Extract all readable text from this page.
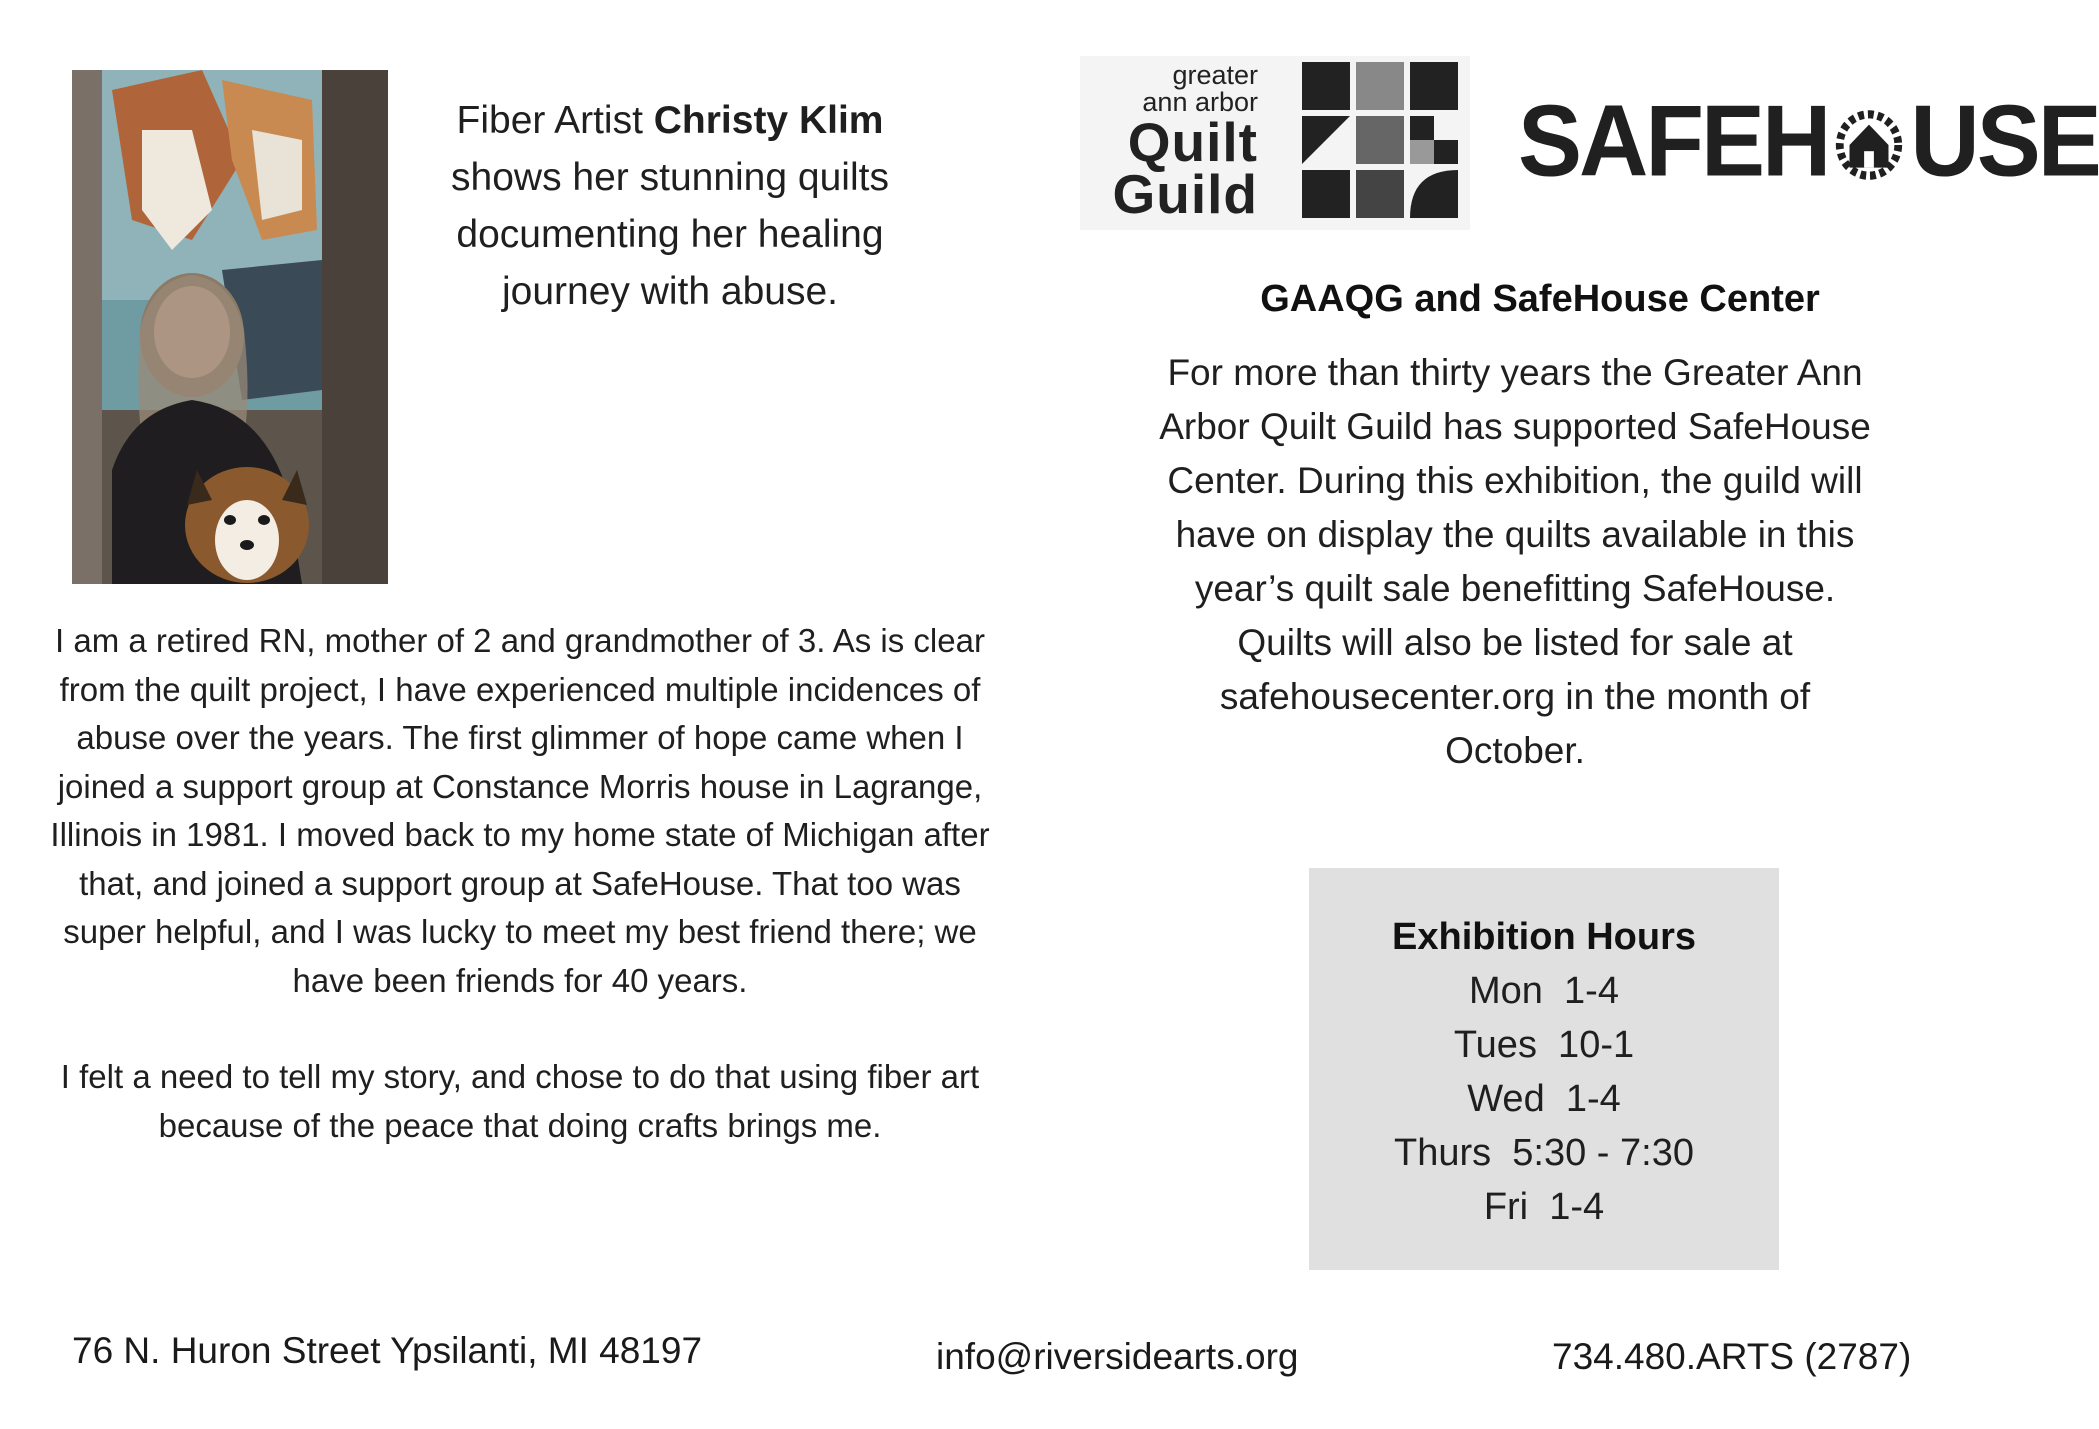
Fiber Artist Christy Klim shows her stunning quilts documenting her healing journey with abuse.

I am a retired RN, mother of 2 and grandmother of 3. As is clear from the quilt project, I have experienced multiple incidences of abuse over the years. The first glimmer of hope came when I joined a support group at Constance Morris house in Lagrange, Illinois in 1981. I moved back to my home state of Michigan after that, and joined a support group at SafeHouse. That too was super helpful, and I was lucky to meet my best friend there; we have been friends for 40 years.

I felt a need to tell my story, and chose to do that using fiber art because of the peace that doing crafts brings me.

greater
ann arbor
Quilt
Guild	SAFEH USE
GAAQG and SafeHouse Center
For more than thirty years the Greater Ann Arbor Quilt Guild has supported SafeHouse Center. During this exhibition, the guild will have on display the quilts available in this year’s quilt sale benefitting SafeHouse. Quilts will also be listed for sale at safehousecenter.org in the month of October.
Exhibition Hours
Mon  1-4
Tues  10-1
Wed  1-4
Thurs  5:30 - 7:30
Fri  1-4
76 N. Huron Street Ypsilanti, MI 48197	info@riversidearts.org	734.480.ARTS (2787)
